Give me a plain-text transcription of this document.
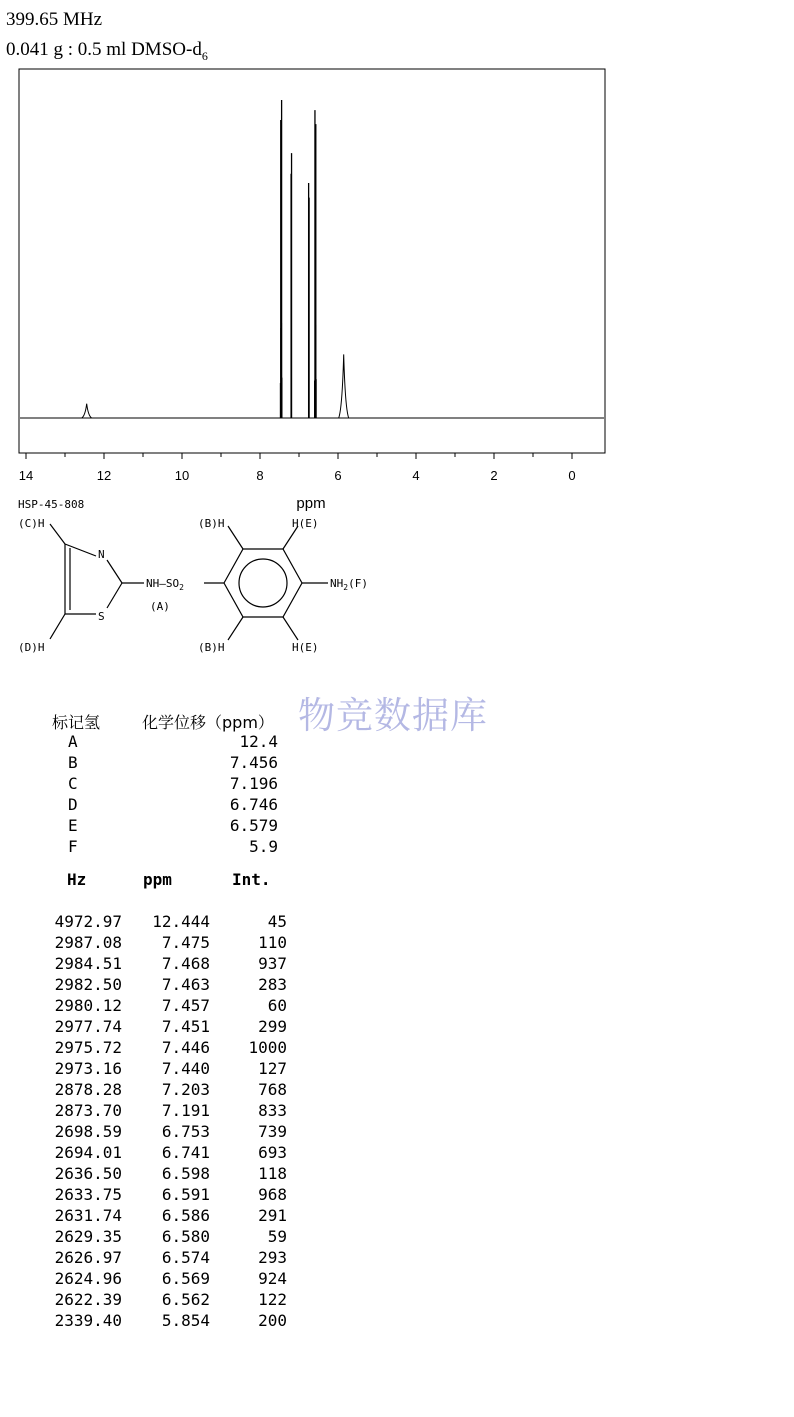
399.65 MHz
0.041 g : 0.5 ml DMSO-$d_6$
14	12	10	8	6	4	2	0
ppm
HSP-45-808
(C)H
(D)H
N
S
$NH—SO_2$
(A)
(B)H	H(E)
(B)H	H(E)
$NH_2(F)$
物竞数据库
标记氢	化学位移（ppm）
A	12.4
B	7.456
C	7.196
D	6.746
E	6.579
F	5.9
Hz	ppm	Int.
4972.97 12.444	45
2987.08 7.475	110
2984.51 7.468	937
2982.50 7.463	283
2980.12 7.457	60
2977.74 7.451	299
2975.72 7.446 1000
2973.16 7.440	127
2878.28 7.203	768
2873.70 7.191	833
2698.59 6.753	739
2694.01 6.741	693
2636.50 6.598	118
2633.75 6.591	968
2631.74 6.586	291
2629.35 6.580	59
2626.97 6.574	293
2624.96 6.569	924
2622.39 6.562	122
2339.40 5.854	200
